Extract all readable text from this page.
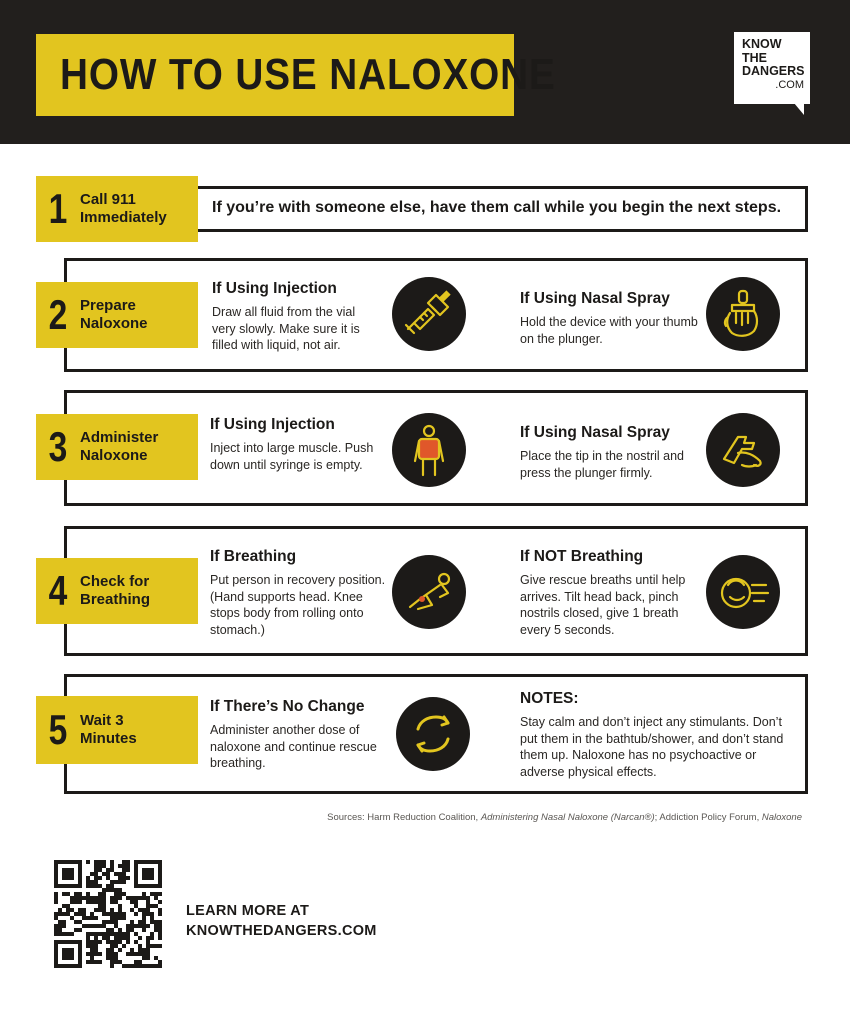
HOW TO USE NALOXONE
KNOW
THE
DANGERS
.COM
1 Call 911
Immediately
If you’re with someone else, have them call while you begin the next steps.
2 Prepare
Naloxone
If Using Injection

Draw all fluid from the vial very slowly. Make sure it is filled with liquid, not air.

If Using Nasal Spray

Hold the device with your thumb on the plunger.

3 Administer
Naloxone
If Using Injection

Inject into large muscle. Push down until syringe is empty.

If Using Nasal Spray

Place the tip in the nostril and press the plunger firmly.

4 Check for
Breathing
If Breathing

Put person in recovery position. (Hand supports head. Knee stops body from rolling onto stomach.)

If NOT Breathing

Give rescue breaths until help arrives. Tilt head back, pinch nostrils closed, give 1 breath every 5 seconds.

5 Wait 3
Minutes
If There’s No Change

Administer another dose of naloxone and continue rescue breathing.

NOTES:

Stay calm and don’t inject any stimulants. Don’t put them in the bathtub/shower, and don’t stand them up. Naloxone has no psychoactive or adverse physical effects.

Sources: Harm Reduction Coalition, Administering Nasal Naloxone (Narcan®); Addiction Policy Forum, Naloxone
LEARN MORE AT
KNOWTHEDANGERS.COM
